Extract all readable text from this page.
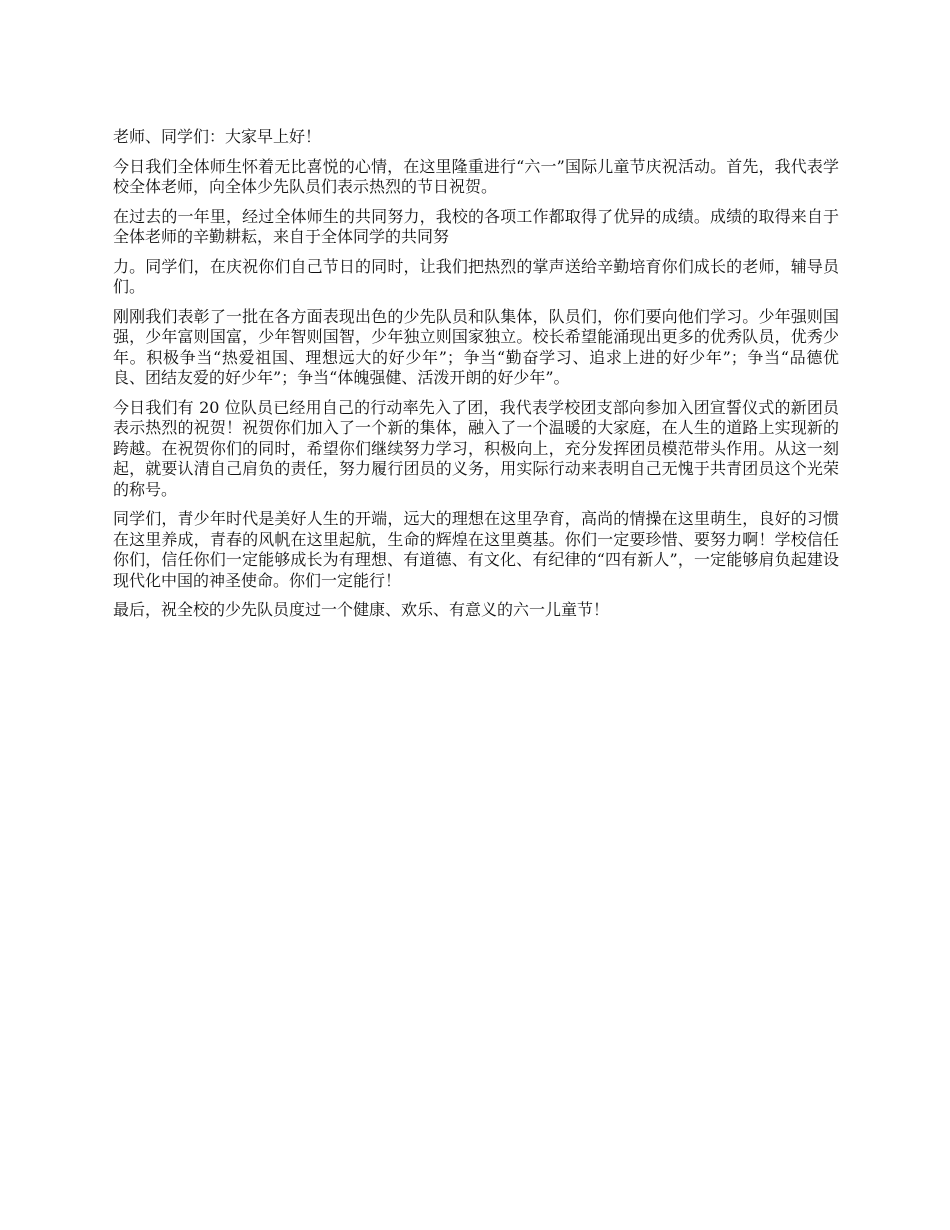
老师、同学们：大家早上好！

今日我们全体师生怀着无比喜悦的心情，在这里隆重进行“六一”国际儿童节庆祝活动。首先，我代表学校全体老师，向全体少先队员们表示热烈的节日祝贺。

在过去的一年里，经过全体师生的共同努力，我校的各项工作都取得了优异的成绩。成绩的取得来自于全体老师的辛勤耕耘，来自于全体同学的共同努

力。同学们，在庆祝你们自己节日的同时，让我们把热烈的掌声送给辛勤培育你们成长的老师，辅导员们。

刚刚我们表彰了一批在各方面表现出色的少先队员和队集体，队员们，你们要向他们学习。少年强则国强，少年富则国富，少年智则国智，少年独立则国家独立。校长希望能涌现出更多的优秀队员，优秀少年。积极争当“热爱祖国、理想远大的好少年”；争当“勤奋学习、追求上进的好少年”；争当“品德优良、团结友爱的好少年”；争当“体魄强健、活泼开朗的好少年”。

今日我们有 20 位队员已经用自己的行动率先入了团，我代表学校团支部向参加入团宣誓仪式的新团员表示热烈的祝贺！祝贺你们加入了一个新的集体，融入了一个温暖的大家庭，在人生的道路上实现新的跨越。在祝贺你们的同时，希望你们继续努力学习，积极向上，充分发挥团员模范带头作用。从这一刻起，就要认清自己肩负的责任，努力履行团员的义务，用实际行动来表明自己无愧于共青团员这个光荣的称号。

同学们，青少年时代是美好人生的开端，远大的理想在这里孕育，高尚的情操在这里萌生，良好的习惯在这里养成，青春的风帆在这里起航，生命的辉煌在这里奠基。你们一定要珍惜、要努力啊！学校信任你们，信任你们一定能够成长为有理想、有道德、有文化、有纪律的“四有新人”，一定能够肩负起建设现代化中国的神圣使命。你们一定能行！

最后，祝全校的少先队员度过一个健康、欢乐、有意义的六一儿童节！
